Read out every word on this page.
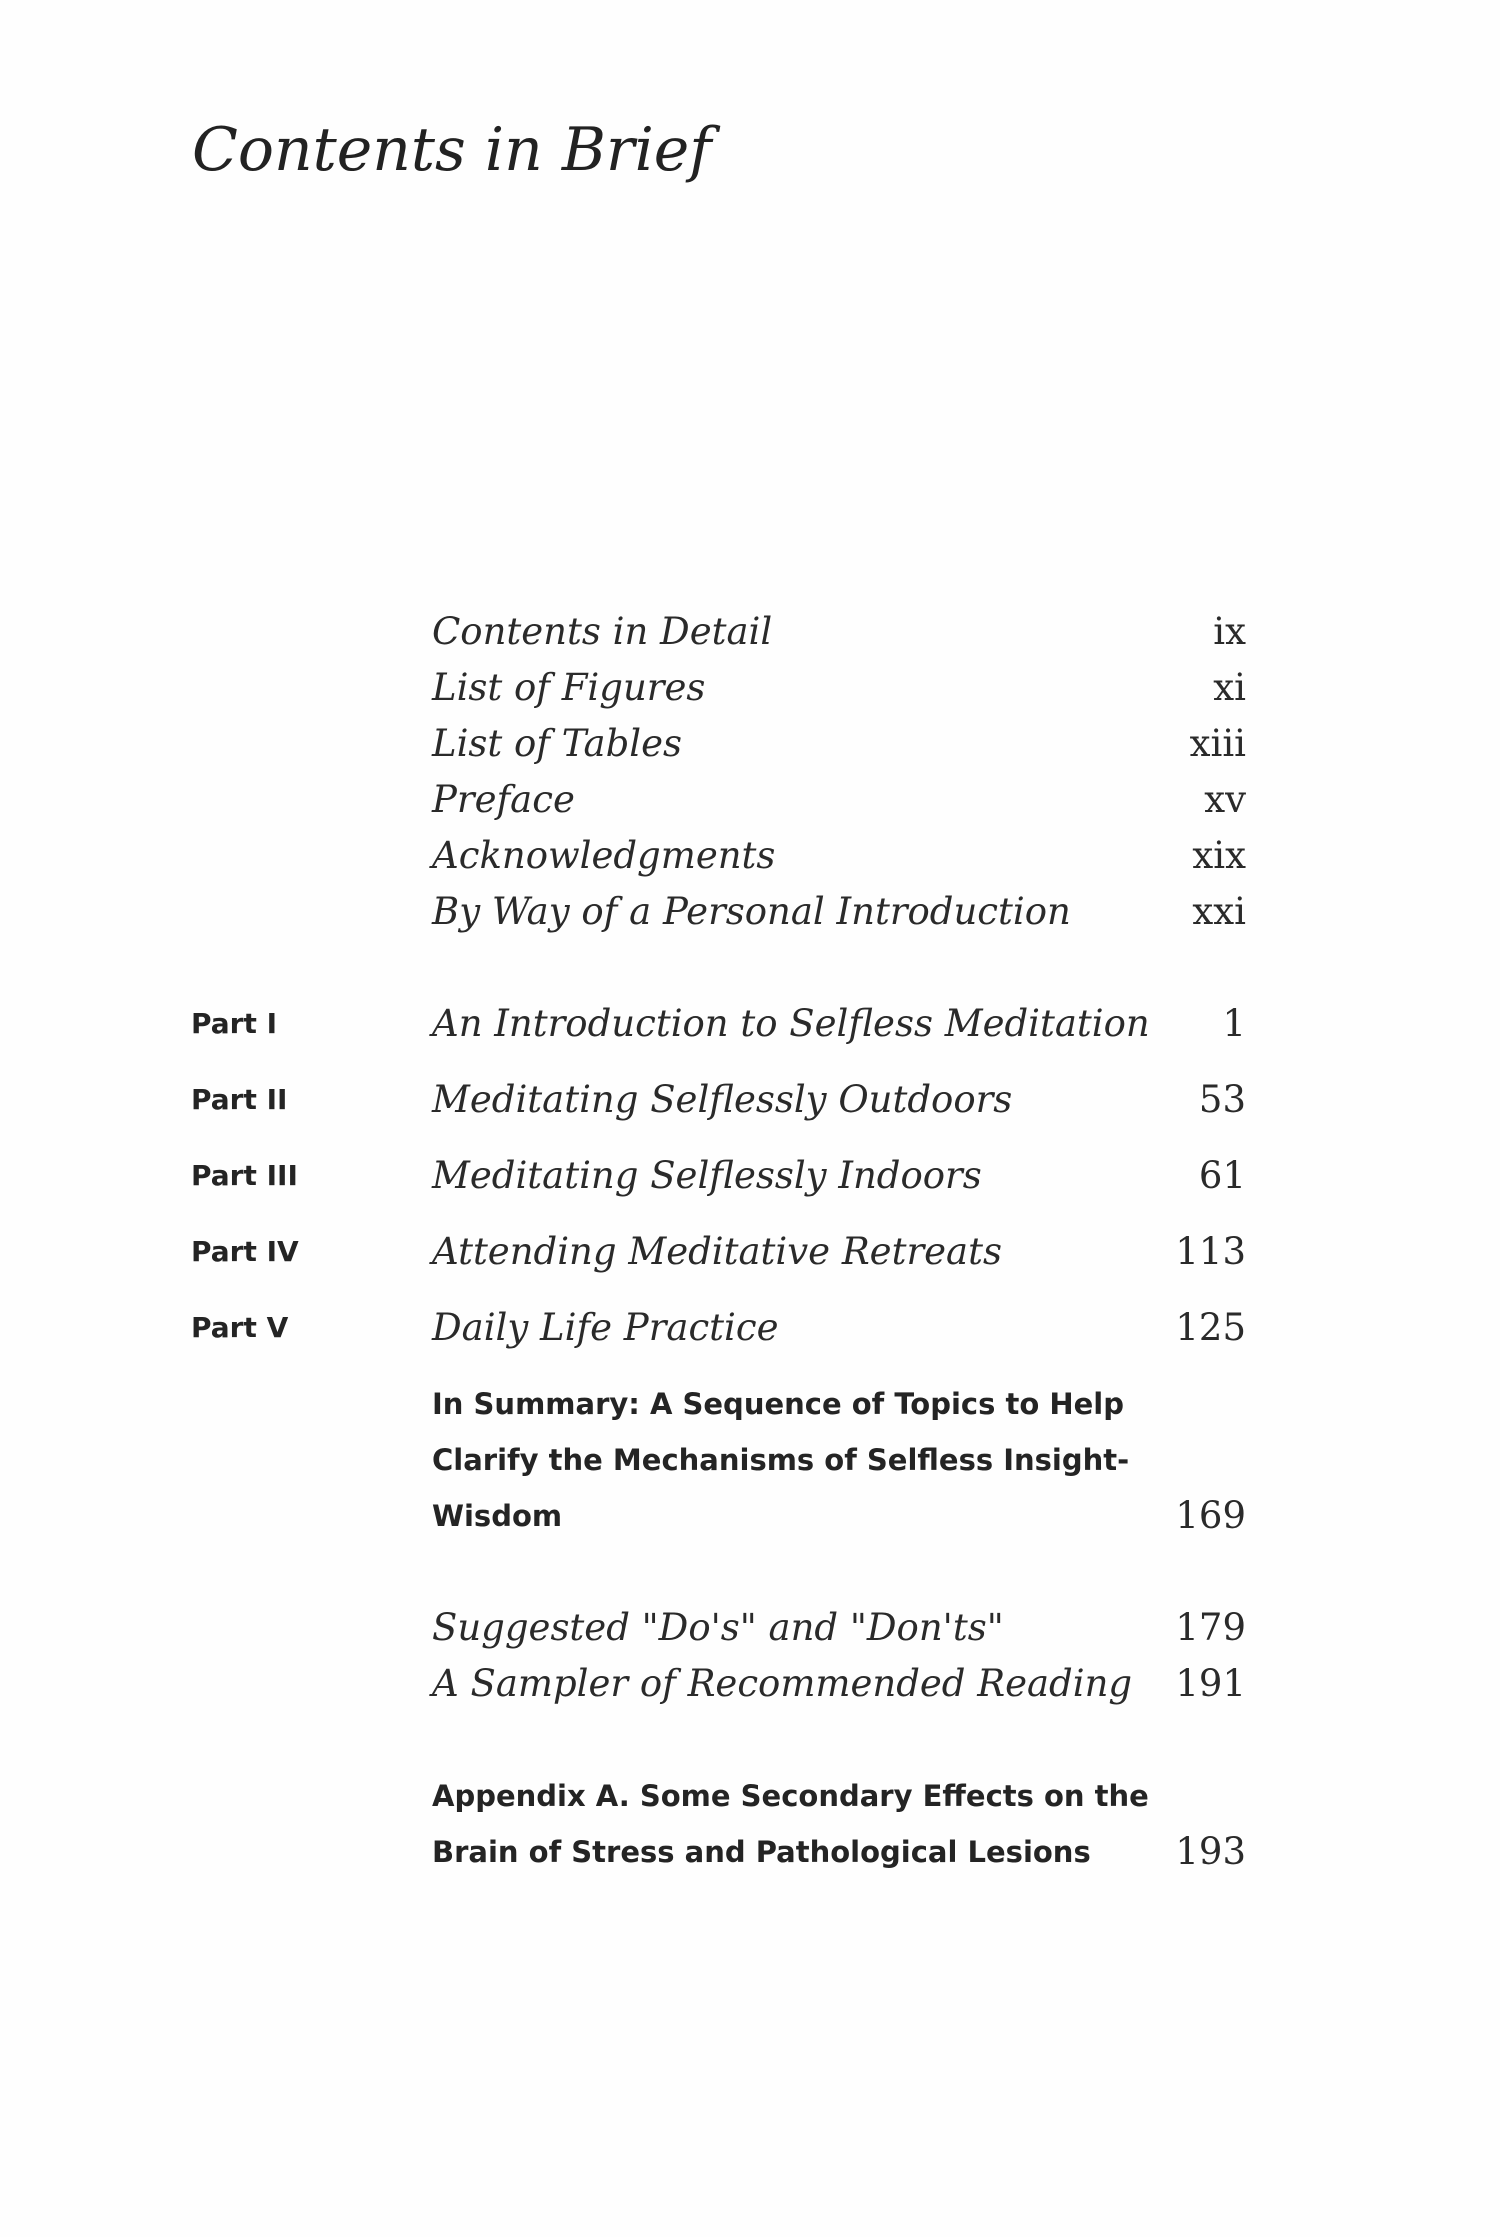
Contents in Brief
Contents in Detail	ix
List of Figures	xi
List of Tables	xiii
Preface	xv
Acknowledgments	xix
By Way of a Personal Introduction	xxi
Part I	An Introduction to Selfless Meditation 1
Part II	Meditating Selflessly Outdoors	53
Part III	Meditating Selflessly Indoors	61
Part IV	Attending Meditative Retreats	113
Part V	Daily Life Practice	125
In Summary: A Sequence of Topics to Help
Clarify the Mechanisms of Selfless Insight-
Wisdom	169
Suggested "Do's" and "Don'ts"	179
A Sampler of Recommended Reading 191
Appendix A. Some Secondary Effects on the
Brain of Stress and Pathological Lesions 193
